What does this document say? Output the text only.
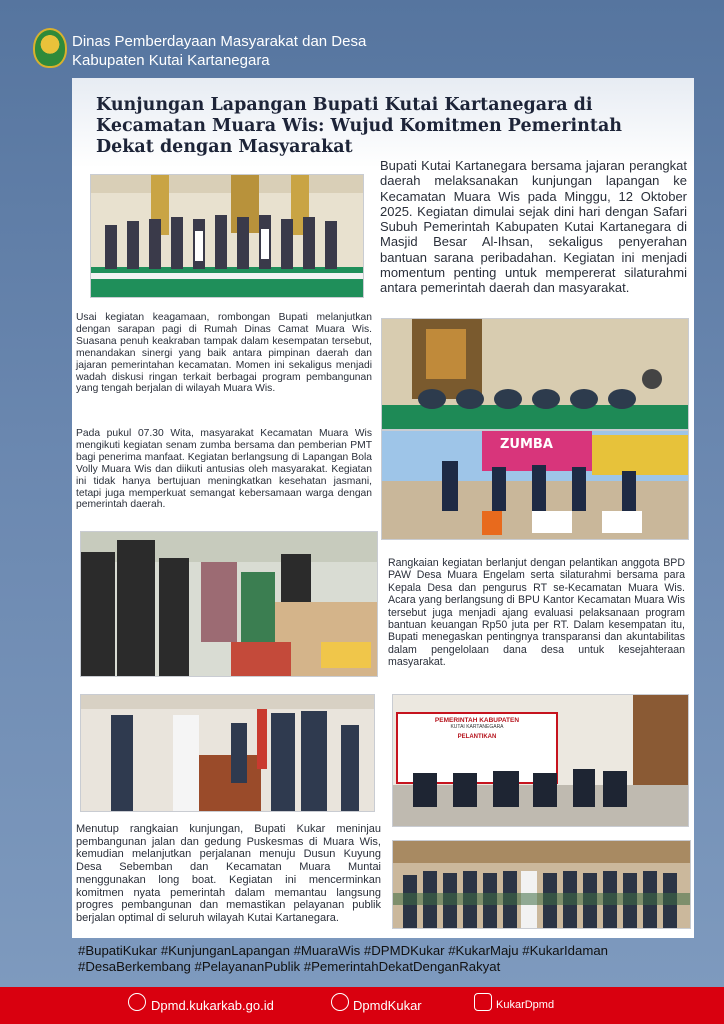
Dinas Pemberdayaan Masyarakat dan Desa
Kabupaten Kutai Kartanegara
Kunjungan Lapangan Bupati Kutai Kartanegara di Kecamatan Muara Wis: Wujud Komitmen Pemerintah Dekat dengan Masyarakat
Bupati Kutai Kartanegara bersama jajaran perangkat daerah melaksanakan kunjungan lapangan ke Kecamatan Muara Wis pada Minggu, 12 Oktober 2025. Kegiatan dimulai sejak dini hari dengan Safari Subuh Pemerintah Kabupaten Kutai Kartanegara di Masjid Besar Al-Ihsan, sekaligus penyerahan bantuan sarana peribadahan. Kegiatan ini menjadi momentum penting untuk mempererat silaturahmi antara pemerintah daerah dan masyarakat.
Usai kegiatan keagamaan, rombongan Bupati melanjutkan dengan sarapan pagi di Rumah Dinas Camat Muara Wis. Suasana penuh keakraban tampak dalam kesempatan tersebut, menandakan sinergi yang baik antara pimpinan daerah dan jajaran pemerintahan kecamatan. Momen ini sekaligus menjadi wadah diskusi ringan terkait berbagai program pembangunan yang tengah berjalan di wilayah Muara Wis.
Pada pukul 07.30 Wita, masyarakat Kecamatan Muara Wis mengikuti kegiatan senam zumba bersama dan pemberian PMT bagi penerima manfaat. Kegiatan berlangsung di Lapangan Bola Volly Muara Wis dan diikuti antusias oleh masyarakat. Kegiatan ini tidak hanya bertujuan meningkatkan kesehatan jasmani, tetapi juga memperkuat semangat kebersamaan warga dengan pemerintah daerah.
ZUMBA
Rangkaian kegiatan berlanjut dengan pelantikan anggota BPD PAW Desa Muara Engelam serta silaturahmi bersama para Kepala Desa dan pengurus RT se-Kecamatan Muara Wis. Acara yang berlangsung di BPU Kantor Kecamatan Muara Wis tersebut juga menjadi ajang evaluasi pelaksanaan program bantuan keuangan Rp50 juta per RT. Dalam kesempatan itu, Bupati menegaskan pentingnya transparansi dan akuntabilitas dalam pengelolaan dana desa untuk kesejahteraan masyarakat.
PEMERINTAH KABUPATEN
KUTAI KARTANEGARA
PELANTIKAN
Menutup rangkaian kunjungan, Bupati Kukar meninjau pembangunan jalan dan gedung Puskesmas di Muara Wis, kemudian melanjutkan perjalanan menuju Dusun Kuyung Desa Sebemban dan Kecamatan Muara Muntai menggunakan long boat. Kegiatan ini mencerminkan komitmen nyata pemerintah dalam memantau langsung progres pembangunan dan memastikan pelayanan publik berjalan optimal di seluruh wilayah Kutai Kartanegara.
#BupatiKukar #KunjunganLapangan #MuaraWis #DPMDKukar #KukarMaju #KukarIdaman #DesaBerkembang #PelayananPublik #PemerintahDekatDenganRakyat
Dpmd.kukarkab.go.id	DpmdKukar	KukarDpmd
